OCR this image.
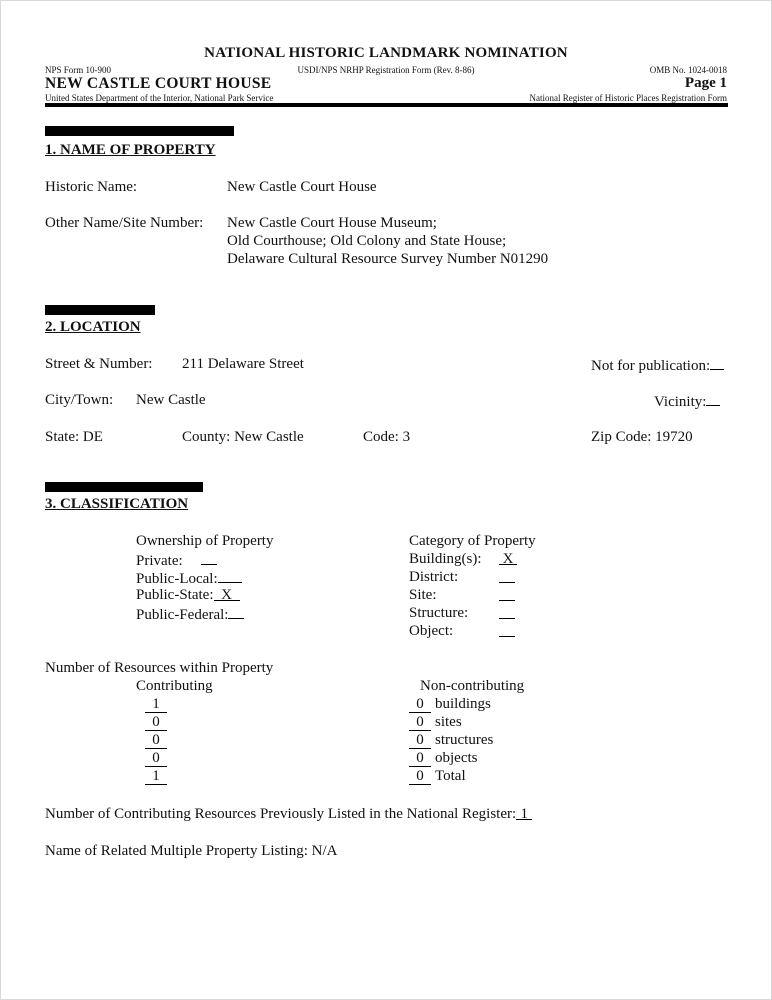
NATIONAL HISTORIC LANDMARK NOMINATION
NPS Form 10-900	USDI/NPS NRHP Registration Form (Rev. 8-86)	OMB No. 1024-0018
NEW CASTLE COURT HOUSE	Page 1
United States Department of the Interior, National Park Service	National Register of Historic Places Registration Form
1. NAME OF PROPERTY
Historic Name:	New Castle Court House
Other Name/Site Number: New Castle Court House Museum;
Old Courthouse; Old Colony and State House;
Delaware Cultural Resource Survey Number N01290
2. LOCATION
Street & Number: 211 Delaware Street	Not for publication:
City/Town: New Castle	Vicinity:
State: DE	County: New Castle	Code: 3	Zip Code: 19720
3. CLASSIFICATION
Ownership of Property
Private:
Public-Local:
Public-State: X
Public-Federal:
Category of Property
Building(s): X
District:
Site:
Structure:
Object:
Number of Resources within Property
Contributing	Non-contributing
1	0 buildings
0	0 sites
0	0 structures
0	0 objects
1	0 Total
Number of Contributing Resources Previously Listed in the National Register: 1
Name of Related Multiple Property Listing: N/A
